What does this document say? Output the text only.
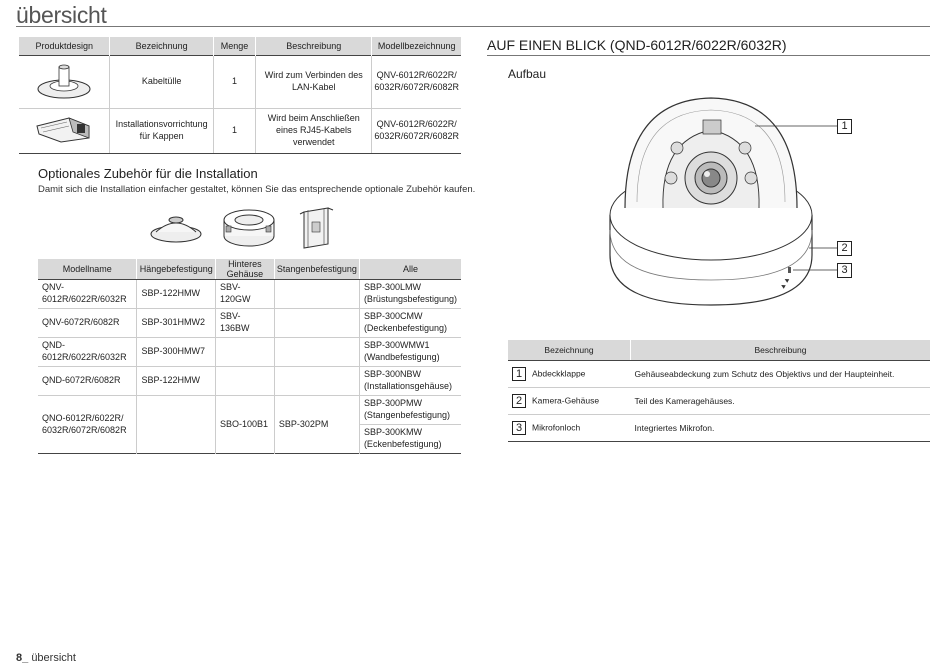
übersicht
Produktdesign	Bezeichnung	Menge	Beschreibung	Modellbezeichnung
	Kabeltülle	1	Wird zum Verbinden des LAN-Kabel	QNV-6012R/6022R/ 6032R/6072R/6082R
	Installationsvorrichtung für Kappen	1	Wird beim Anschließen eines RJ45-Kabels verwendet	QNV-6012R/6022R/ 6032R/6072R/6082R
Optionales Zubehör für die Installation
Damit sich die Installation einfacher gestaltet, können Sie das entsprechende optionale Zubehör kaufen.
Modellname	Hängebefestigung	Hinteres Gehäuse	Stangenbefestigung	Alle
QNV-6012R/6022R/6032R	SBP-122HMW	SBV-120GW		SBP-300LMW
(Brüstungsbefestigung)
QNV-6072R/6082R	SBP-301HMW2	SBV-136BW		SBP-300CMW
(Deckenbefestigung)
QND-6012R/6022R/6032R	SBP-300HMW7			SBP-300WMW1
(Wandbefestigung)
QND-6072R/6082R	SBP-122HMW			SBP-300NBW
(Installationsgehäuse)
QNO-6012R/6022R/ 6032R/6072R/6082R		SBO-100B1	SBP-302PM	SBP-300PMW
(Stangenbefestigung)
				SBP-300KMW
(Eckenbefestigung)
AUF EINEN BLICK (QND-6012R/6022R/6032R)
Aufbau
▲▲
1
2
3
Bezeichnung	Beschreibung
1 Abdeckklappe	Gehäuseabdeckung zum Schutz des Objektivs und der Haupteinheit.
2 Kamera-Gehäuse	Teil des Kameragehäuses.
3 Mikrofonloch	Integriertes Mikrofon.
8_ übersicht
